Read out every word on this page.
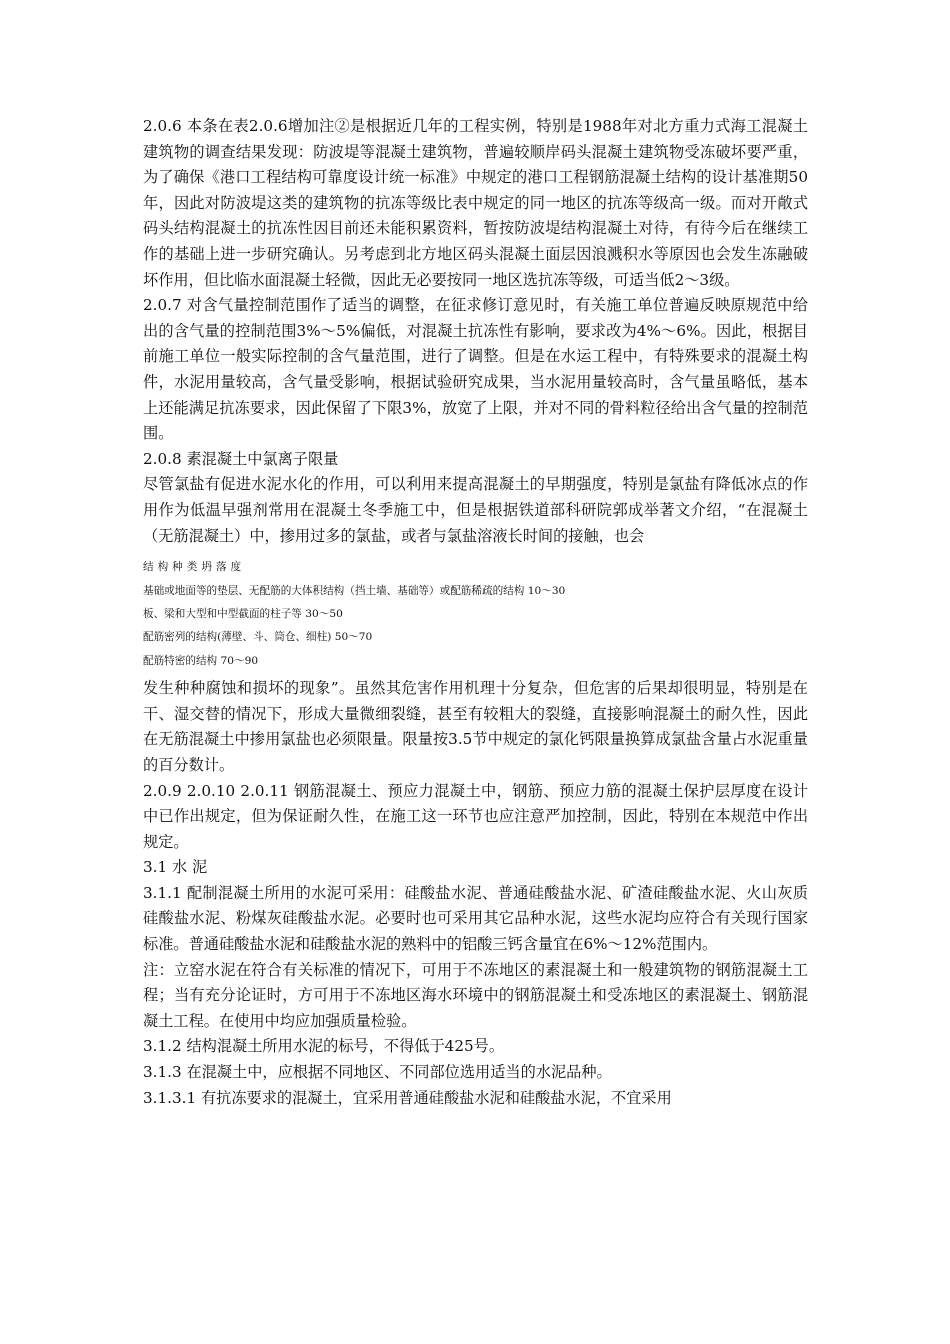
2.0.6 本条在表2.0.6增加注②是根据近几年的工程实例，特别是1988年对北方重力式海工混凝土建筑物的调查结果发现：防波堤等混凝土建筑物，普遍较顺岸码头混凝土建筑物受冻破坏要严重，为了确保《港口工程结构可靠度设计统一标准》中规定的港口工程钢筋混凝土结构的设计基准期50年，因此对防波堤这类的建筑物的抗冻等级比表中规定的同一地区的抗冻等级高一级。而对开敞式码头结构混凝土的抗冻性因目前还未能积累资料，暂按防波堤结构混凝土对待，有待今后在继续工作的基础上进一步研究确认。另考虑到北方地区码头混凝土面层因浪溅积水等原因也会发生冻融破坏作用，但比临水面混凝土轻微，因此无必要按同一地区选抗冻等级，可适当低2～3级。

2.0.7 对含气量控制范围作了适当的调整，在征求修订意见时，有关施工单位普遍反映原规范中给出的含气量的控制范围3%～5%偏低，对混凝土抗冻性有影响，要求改为4%～6%。因此，根据目前施工单位一般实际控制的含气量范围，进行了调整。但是在水运工程中，有特殊要求的混凝土构件，水泥用量较高，含气量受影响，根据试验研究成果，当水泥用量较高时，含气量虽略低，基本上还能满足抗冻要求，因此保留了下限3%，放宽了上限，并对不同的骨料粒径给出含气量的控制范围。

2.0.8 素混凝土中氯离子限量

尽管氯盐有促进水泥水化的作用，可以利用来提高混凝土的早期强度，特别是氯盐有降低冰点的作用作为低温早强剂常用在混凝土冬季施工中，但是根据铁道部科研院郭成举著文介绍，“在混凝土（无筋混凝土）中，掺用过多的氯盐，或者与氯盐溶液长时间的接触，也会

结构种类坍落度

基础或地面等的垫层、无配筋的大体积结构（挡土墙、基础等）或配筋稀疏的结构 10～30

板、梁和大型和中型截面的柱子等 30～50

配筋密列的结构(薄壁、斗、筒仓、细柱) 50～70

配筋特密的结构 70～90

发生种种腐蚀和损坏的现象”。虽然其危害作用机理十分复杂，但危害的后果却很明显，特别是在干、湿交替的情况下，形成大量微细裂缝，甚至有较粗大的裂缝，直接影响混凝土的耐久性，因此在无筋混凝土中掺用氯盐也必须限量。限量按3.5节中规定的氯化钙限量换算成氯盐含量占水泥重量的百分数计。

2.0.9 2.0.10 2.0.11 钢筋混凝土、预应力混凝土中，钢筋、预应力筋的混凝土保护层厚度在设计中已作出规定，但为保证耐久性，在施工这一环节也应注意严加控制，因此，特别在本规范中作出规定。

3.1 水 泥

3.1.1 配制混凝土所用的水泥可采用：硅酸盐水泥、普通硅酸盐水泥、矿渣硅酸盐水泥、火山灰质硅酸盐水泥、粉煤灰硅酸盐水泥。必要时也可采用其它品种水泥，这些水泥均应符合有关现行国家标准。普通硅酸盐水泥和硅酸盐水泥的熟料中的铝酸三钙含量宜在6%～12%范围内。

注：立窑水泥在符合有关标准的情况下，可用于不冻地区的素混凝土和一般建筑物的钢筋混凝土工程；当有充分论证时，方可用于不冻地区海水环境中的钢筋混凝土和受冻地区的素混凝土、钢筋混凝土工程。在使用中均应加强质量检验。

3.1.2 结构混凝土所用水泥的标号，不得低于425号。

3.1.3 在混凝土中，应根据不同地区、不同部位选用适当的水泥品种。

3.1.3.1 有抗冻要求的混凝土，宜采用普通硅酸盐水泥和硅酸盐水泥，不宜采用
